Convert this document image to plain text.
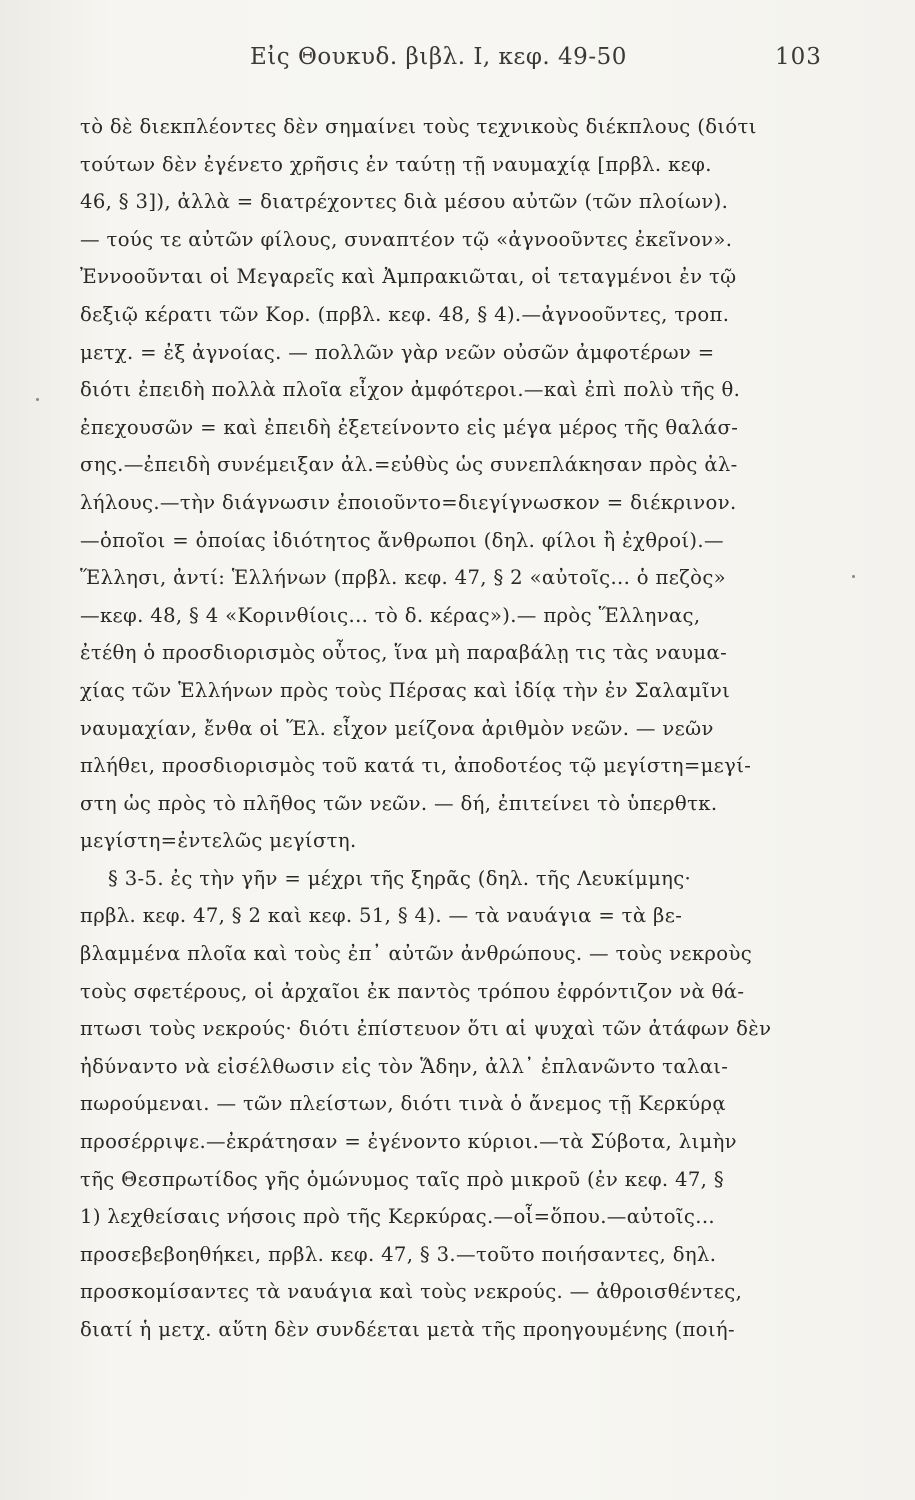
Εἰς Θουκυδ. βιβλ. Ι, κεφ. 49-50	103
τὸ δὲ διεκπλέοντες δὲν σημαίνει τοὺς τεχνικοὺς διέκπλους (διότι
τούτων δὲν ἐγένετο χρῆσις ἐν ταύτῃ τῇ ναυμαχίᾳ [πρβλ. κεφ.
46, § 3]), ἀλλὰ = διατρέχοντες διὰ μέσου αὐτῶν (τῶν πλοίων).
— τούς τε αὐτῶν φίλους, συναπτέον τῷ «ἀγνοοῦντες ἐκεῖνον».
Ἐννοοῦνται οἱ Μεγαρεῖς καὶ Ἀμπρακιῶται, οἱ τεταγμένοι ἐν τῷ
δεξιῷ κέρατι τῶν Κορ. (πρβλ. κεφ. 48, § 4).—ἀγνοοῦντες, τροπ.
μετχ. = ἐξ ἀγνοίας. — πολλῶν γὰρ νεῶν οὐσῶν ἀμφοτέρων =
διότι ἐπειδὴ πολλὰ πλοῖα εἶχον ἀμφότεροι.—καὶ ἐπὶ πολὺ τῆς θ.
ἐπεχουσῶν = καὶ ἐπειδὴ ἐξετείνοντο εἰς μέγα μέρος τῆς θαλάσ-
σης.—ἐπειδὴ συνέμειξαν ἀλ.=εὐθὺς ὡς συνεπλάκησαν πρὸς ἀλ-
λήλους.—τὴν διάγνωσιν ἐποιοῦντο=διεγίγνωσκον = διέκρινον.
—ὁποῖοι = ὁποίας ἰδιότητος ἄνθρωποι (δηλ. φίλοι ἢ ἐχθροί).—
Ἕλλησι, ἀντί: Ἑλλήνων (πρβλ. κεφ. 47, § 2 «αὐτοῖς... ὁ πεζὸς»
—κεφ. 48, § 4 «Κορινθίοις... τὸ δ. κέρας»).— πρὸς Ἕλληνας,
ἐτέθη ὁ προσδιορισμὸς οὗτος, ἵνα μὴ παραβάλῃ τις τὰς ναυμα-
χίας τῶν Ἑλλήνων πρὸς τοὺς Πέρσας καὶ ἰδίᾳ τὴν ἐν Σαλαμῖνι
ναυμαχίαν, ἔνθα οἱ Ἕλ. εἶχον μείζονα ἀριθμὸν νεῶν. — νεῶν
πλήθει, προσδιορισμὸς τοῦ κατά τι, ἀποδοτέος τῷ μεγίστη=μεγί-
στη ὡς πρὸς τὸ πλῆθος τῶν νεῶν. — δή, ἐπιτείνει τὸ ὑπερθτκ.
μεγίστη=ἐντελῶς μεγίστη.
§ 3-5. ἐς τὴν γῆν = μέχρι τῆς ξηρᾶς (δηλ. τῆς Λευκίμμης·
πρβλ. κεφ. 47, § 2 καὶ κεφ. 51, § 4). — τὰ ναυάγια = τὰ βε-
βλαμμένα πλοῖα καὶ τοὺς ἐπ᾽ αὐτῶν ἀνθρώπους. — τοὺς νεκροὺς
τοὺς σφετέρους, οἱ ἀρχαῖοι ἐκ παντὸς τρόπου ἐφρόντιζον νὰ θά-
πτωσι τοὺς νεκρούς· διότι ἐπίστευον ὅτι αἱ ψυχαὶ τῶν ἀτάφων δὲν
ἠδύναντο νὰ εἰσέλθωσιν εἰς τὸν Ἅδην, ἀλλ᾽ ἐπλανῶντο ταλαι-
πωρούμεναι. — τῶν πλείστων, διότι τινὰ ὁ ἄνεμος τῇ Κερκύρᾳ
προσέρριψε.—ἐκράτησαν = ἐγένοντο κύριοι.—τὰ Σύβοτα, λιμὴν
τῆς Θεσπρωτίδος γῆς ὁμώνυμος ταῖς πρὸ μικροῦ (ἐν κεφ. 47, §
1) λεχθείσαις νήσοις πρὸ τῆς Κερκύρας.—οἷ=ὅπου.—αὐτοῖς...
προσεβεβοηθήκει, πρβλ. κεφ. 47, § 3.—τοῦτο ποιήσαντες, δηλ.
προσκομίσαντες τὰ ναυάγια καὶ τοὺς νεκρούς. — ἀθροισθέντες,
διατί ἡ μετχ. αὕτη δὲν συνδέεται μετὰ τῆς προηγουμένης (ποιή-
